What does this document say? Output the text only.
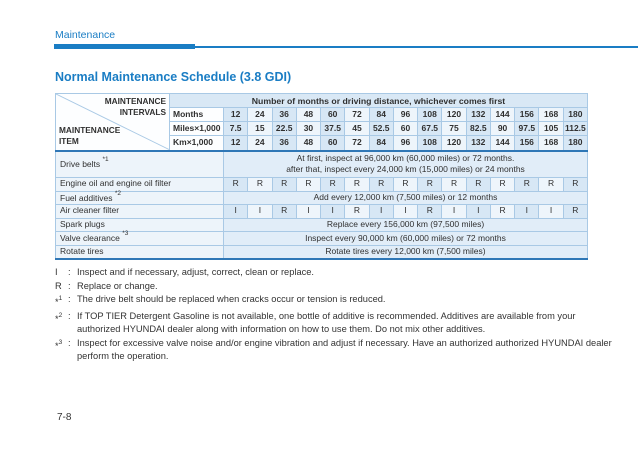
Maintenance
Normal Maintenance Schedule (3.8 GDI)
MAINTENANCE
INTERVALS
MAINTENANCE
ITEM	Number of months or driving distance, whichever comes first															
	Months	12	24	36	48	60	72	84	96	108	120	132	144	156	168	180
	Miles×1,000	7.5	15	22.5	30	37.5	45	52.5	60	67.5	75	82.5	90	97.5	105	112.5
	Km×1,000	12	24	36	48	60	72	84	96	108	120	132	144	156	168	180
Drive belts $^{*1}$		At first, inspect at 96,000 km (60,000 miles) or 72 months.
after that, inspect every 24,000 km (15,000 miles) or 24 months														
Engine oil and engine oil filter		R	R	R	R	R	R	R	R	R	R	R	R	R	R	R
Fuel additives $^{*2}$		Add every 12,000 km (7,500 miles) or 12 months														
Air cleaner filter		I	I	R	I	I	R	I	I	R	I	I	R	I	I	R
Spark plugs		Replace every 156,000 km (97,500 miles)														
Valve clearance $^{*3}$		Inspect every 90,000 km (60,000 miles) or 72 months														
Rotate tires		Rotate tires every 12,000 km (7,500 miles)														
I	: Inspect and if necessary, adjust, correct, clean or replace.
R : Replace or change.
*$^1$ : The drive belt should be replaced when cracks occur or tension is reduced.
*$^2$ : If TOP TIER Detergent Gasoline is not available, one bottle of additive is recommended. Additives are available from your authorized HYUNDAI dealer along with information on how to use them. Do not mix other additives.
*$^3$ : Inspect for excessive valve noise and/or engine vibration and adjust if necessary. Have an authorized authorized HYUNDAI dealer perform the operation.
7-8
